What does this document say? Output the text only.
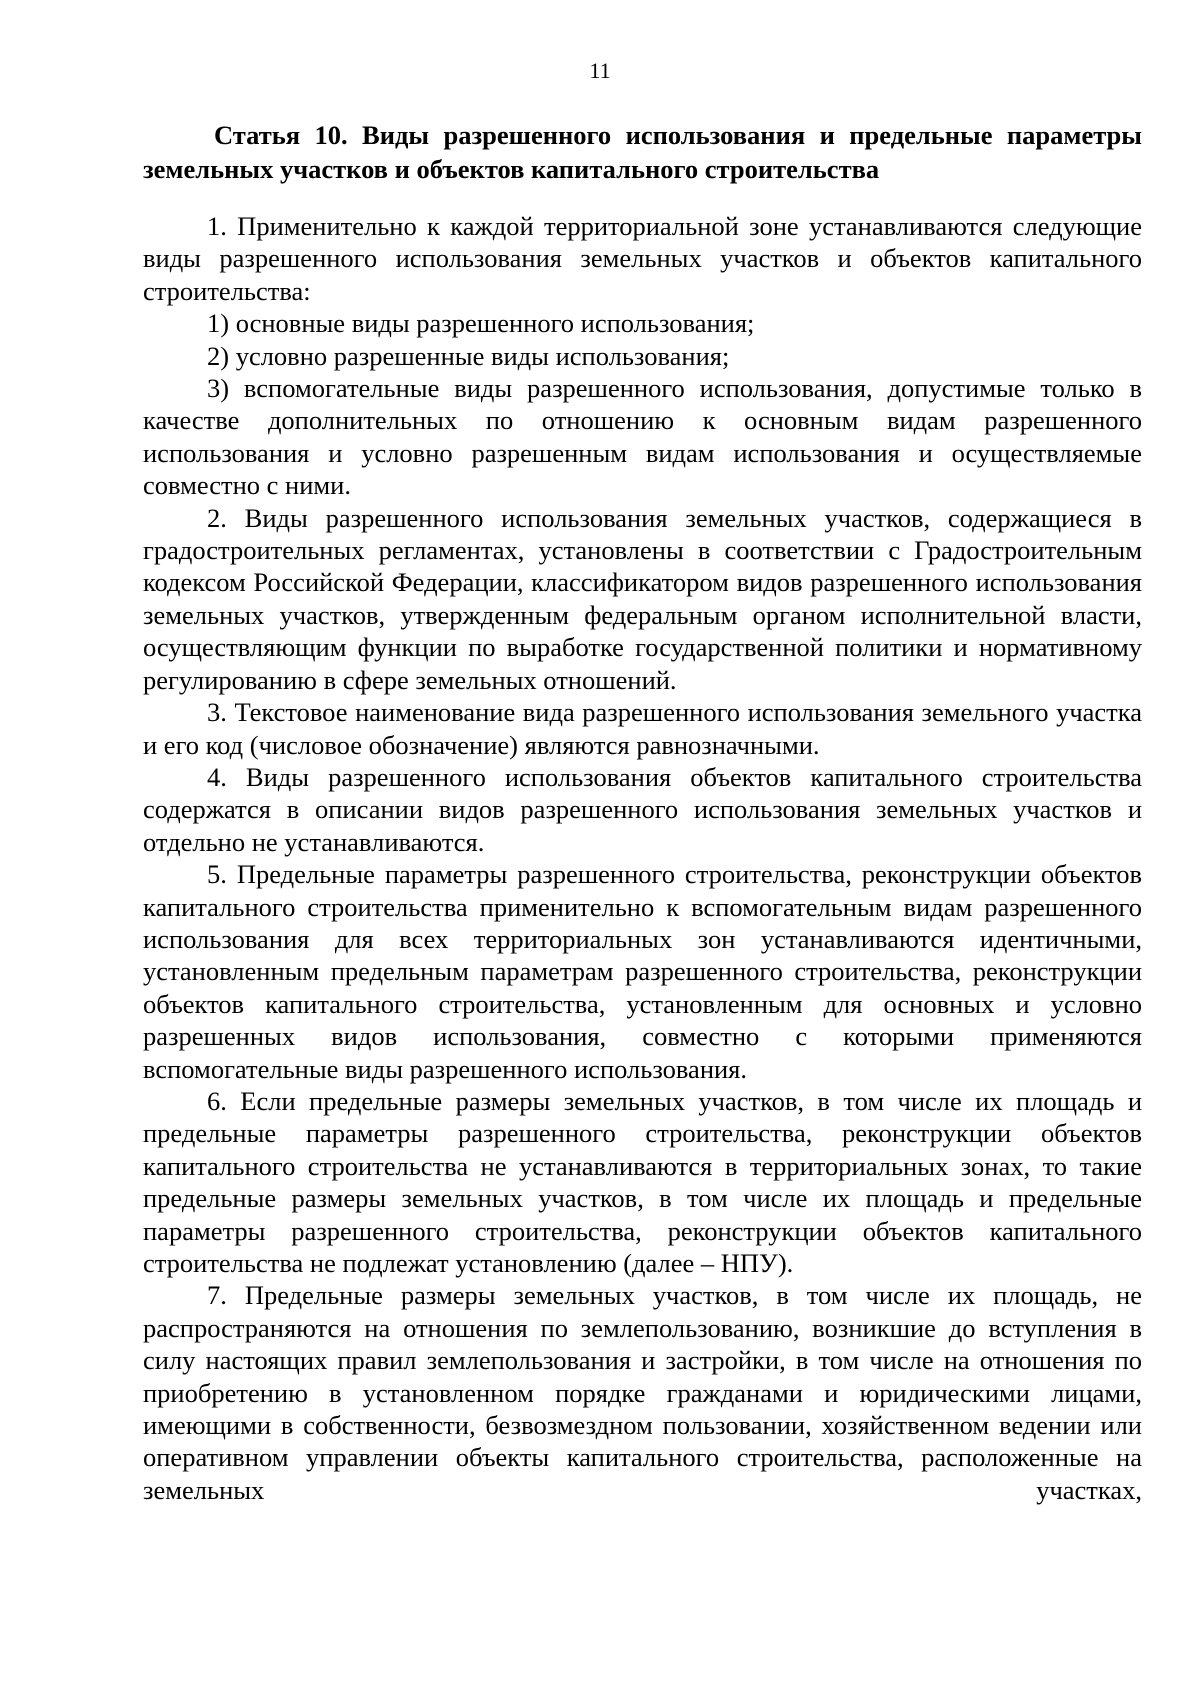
11

Статья 10. Виды разрешенного использования и предельные параметры земельных участков и объектов капитального строительства

1. Применительно к каждой территориальной зоне устанавливаются следующие виды разрешенного использования земельных участков и объектов капитального строительства:

1) основные виды разрешенного использования;

2) условно разрешенные виды использования;

3) вспомогательные виды разрешенного использования, допустимые только в качестве дополнительных по отношению к основным видам разрешенного использования и условно разрешенным видам использования и осуществляемые совместно с ними.

2. Виды разрешенного использования земельных участков, содержащиеся в градостроительных регламентах, установлены в соответствии с Градостроительным кодексом Российской Федерации, классификатором видов разрешенного использования земельных участков, утвержденным федеральным органом исполнительной власти, осуществляющим функции по выработке государственной политики и нормативному регулированию в сфере земельных отношений.

3. Текстовое наименование вида разрешенного использования земельного участка и его код (числовое обозначение) являются равнозначными.

4. Виды разрешенного использования объектов капитального строительства содержатся в описании видов разрешенного использования земельных участков и отдельно не устанавливаются.

5. Предельные параметры разрешенного строительства, реконструкции объектов капитального строительства применительно к вспомогательным видам разрешенного использования для всех территориальных зон устанавливаются идентичными, установленным предельным параметрам разрешенного строительства, реконструкции объектов капитального строительства, установленным для основных и условно разрешенных видов использования, совместно с которыми применяются вспомогательные виды разрешенного использования.

6. Если предельные размеры земельных участков, в том числе их площадь и предельные параметры разрешенного строительства, реконструкции объектов капитального строительства не устанавливаются в территориальных зонах, то такие предельные размеры земельных участков, в том числе их площадь и предельные параметры разрешенного строительства, реконструкции объектов капитального строительства не подлежат установлению (далее – НПУ).

7. Предельные размеры земельных участков, в том числе их площадь, не распространяются на отношения по землепользованию, возникшие до вступления в силу настоящих правил землепользования и застройки, в том числе на отношения по приобретению в установленном порядке гражданами и юридическими лицами, имеющими в собственности, безвозмездном пользовании, хозяйственном ведении или оперативном управлении объекты капитального строительства, расположенные на земельных участках,
